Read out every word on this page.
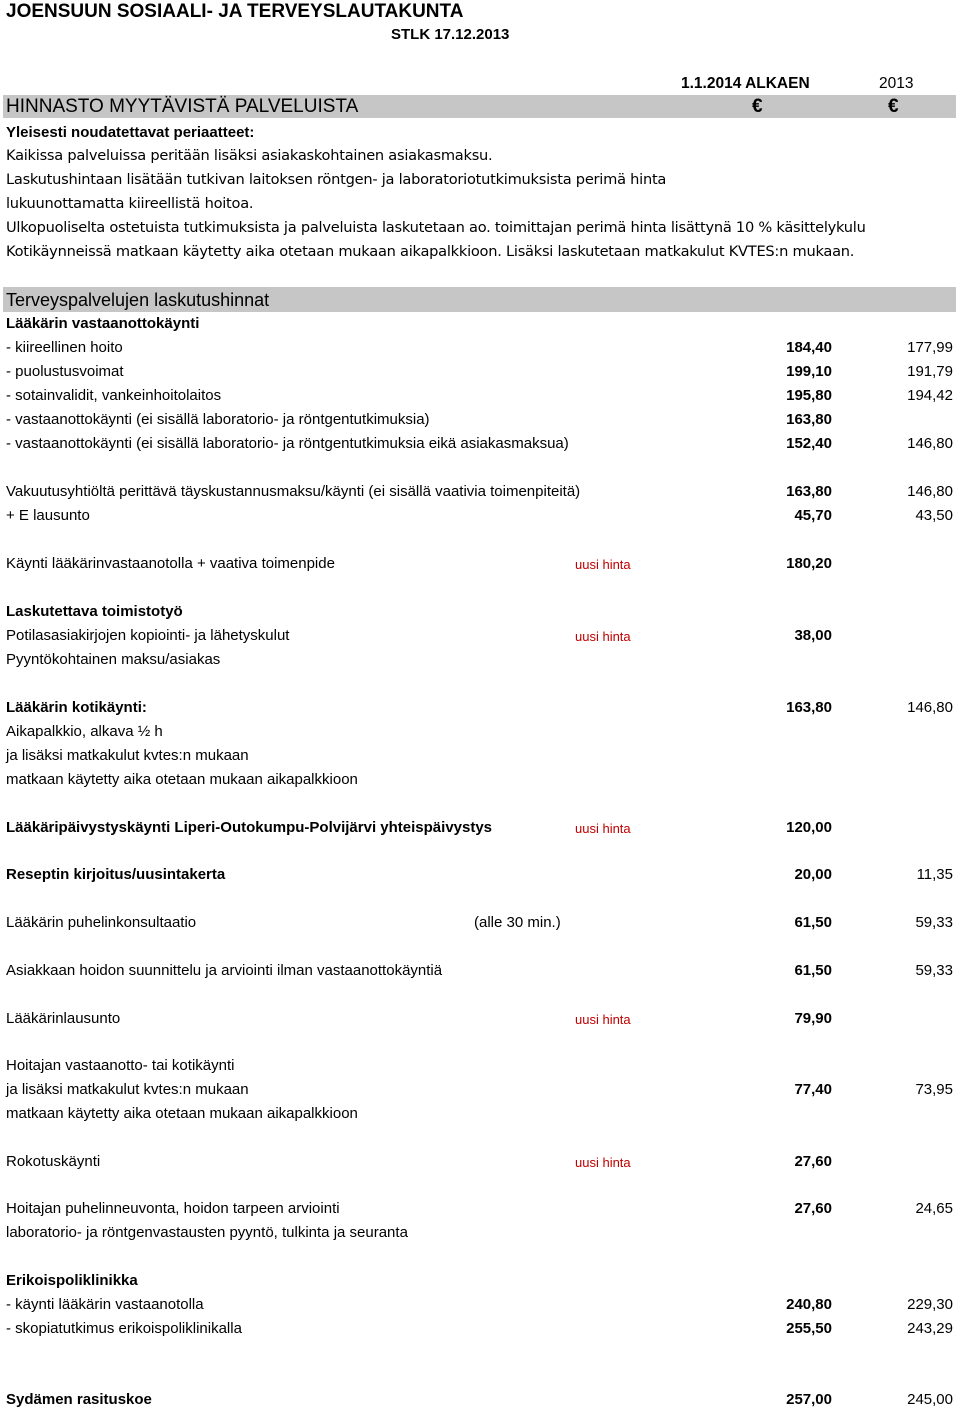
JOENSUUN SOSIAALI- JA TERVEYSLAUTAKUNTA
STLK 17.12.2013
1.1.2014 ALKAEN	2013
HINNASTO MYYTÄVISTÄ PALVELUISTA	€	€
Yleisesti noudatettavat periaatteet:
Kaikissa palveluissa peritään lisäksi asiakaskohtainen asiakasmaksu.
Laskutushintaan lisätään tutkivan laitoksen röntgen- ja laboratoriotutkimuksista perimä hinta
lukuunottamatta kiireellistä hoitoa.
Ulkopuoliselta ostetuista tutkimuksista ja palveluista laskutetaan ao. toimittajan perimä hinta lisättynä 10 % käsittelykulu
Kotikäynneissä matkaan käytetty aika otetaan mukaan aikapalkkioon. Lisäksi laskutetaan matkakulut KVTES:n mukaan.
Terveyspalvelujen laskutushinnat
Lääkärin vastaanottokäynti
- kiireellinen hoito	184,40	177,99
- puolustusvoimat	199,10	191,79
- sotainvalidit, vankeinhoitolaitos	195,80	194,42
- vastaanottokäynti (ei sisällä laboratorio- ja röntgentutkimuksia)	163,80
- vastaanottokäynti (ei sisällä laboratorio- ja röntgentutkimuksia eikä asiakasmaksua)	152,40	146,80
Vakuutusyhtiöltä perittävä täyskustannusmaksu/käynti (ei sisällä vaativia toimenpiteitä)	163,80	146,80
+ E lausunto	45,70	43,50
Käynti lääkärinvastaanotolla + vaativa toimenpide	uusi hinta	180,20
Laskutettava toimistotyö
Potilasasiakirjojen kopiointi- ja lähetyskulut	uusi hinta	38,00
Pyyntökohtainen maksu/asiakas
Lääkärin kotikäynti:	163,80	146,80
Aikapalkkio, alkava ½ h
ja lisäksi matkakulut kvtes:n mukaan
matkaan käytetty aika otetaan mukaan aikapalkkioon
Lääkäripäivystyskäynti Liperi-Outokumpu-Polvijärvi yhteispäivystys	uusi hinta	120,00
Reseptin kirjoitus/uusintakerta	20,00	11,35
Lääkärin puhelinkonsultaatio	(alle 30 min.)	61,50	59,33
Asiakkaan hoidon suunnittelu ja arviointi ilman vastaanottokäyntiä	61,50	59,33
Lääkärinlausunto	uusi hinta	79,90
Hoitajan vastaanotto- tai kotikäynti
ja lisäksi matkakulut kvtes:n mukaan	77,40	73,95
matkaan käytetty aika otetaan mukaan aikapalkkioon
Rokotuskäynti	uusi hinta	27,60
Hoitajan puhelinneuvonta, hoidon tarpeen arviointi	27,60	24,65
laboratorio- ja röntgenvastausten pyyntö, tulkinta ja seuranta
Erikoispoliklinikka
- käynti lääkärin vastaanotolla	240,80	229,30
- skopiatutkimus erikoispoliklinikalla	255,50	243,29
Sydämen rasituskoe	257,00	245,00
